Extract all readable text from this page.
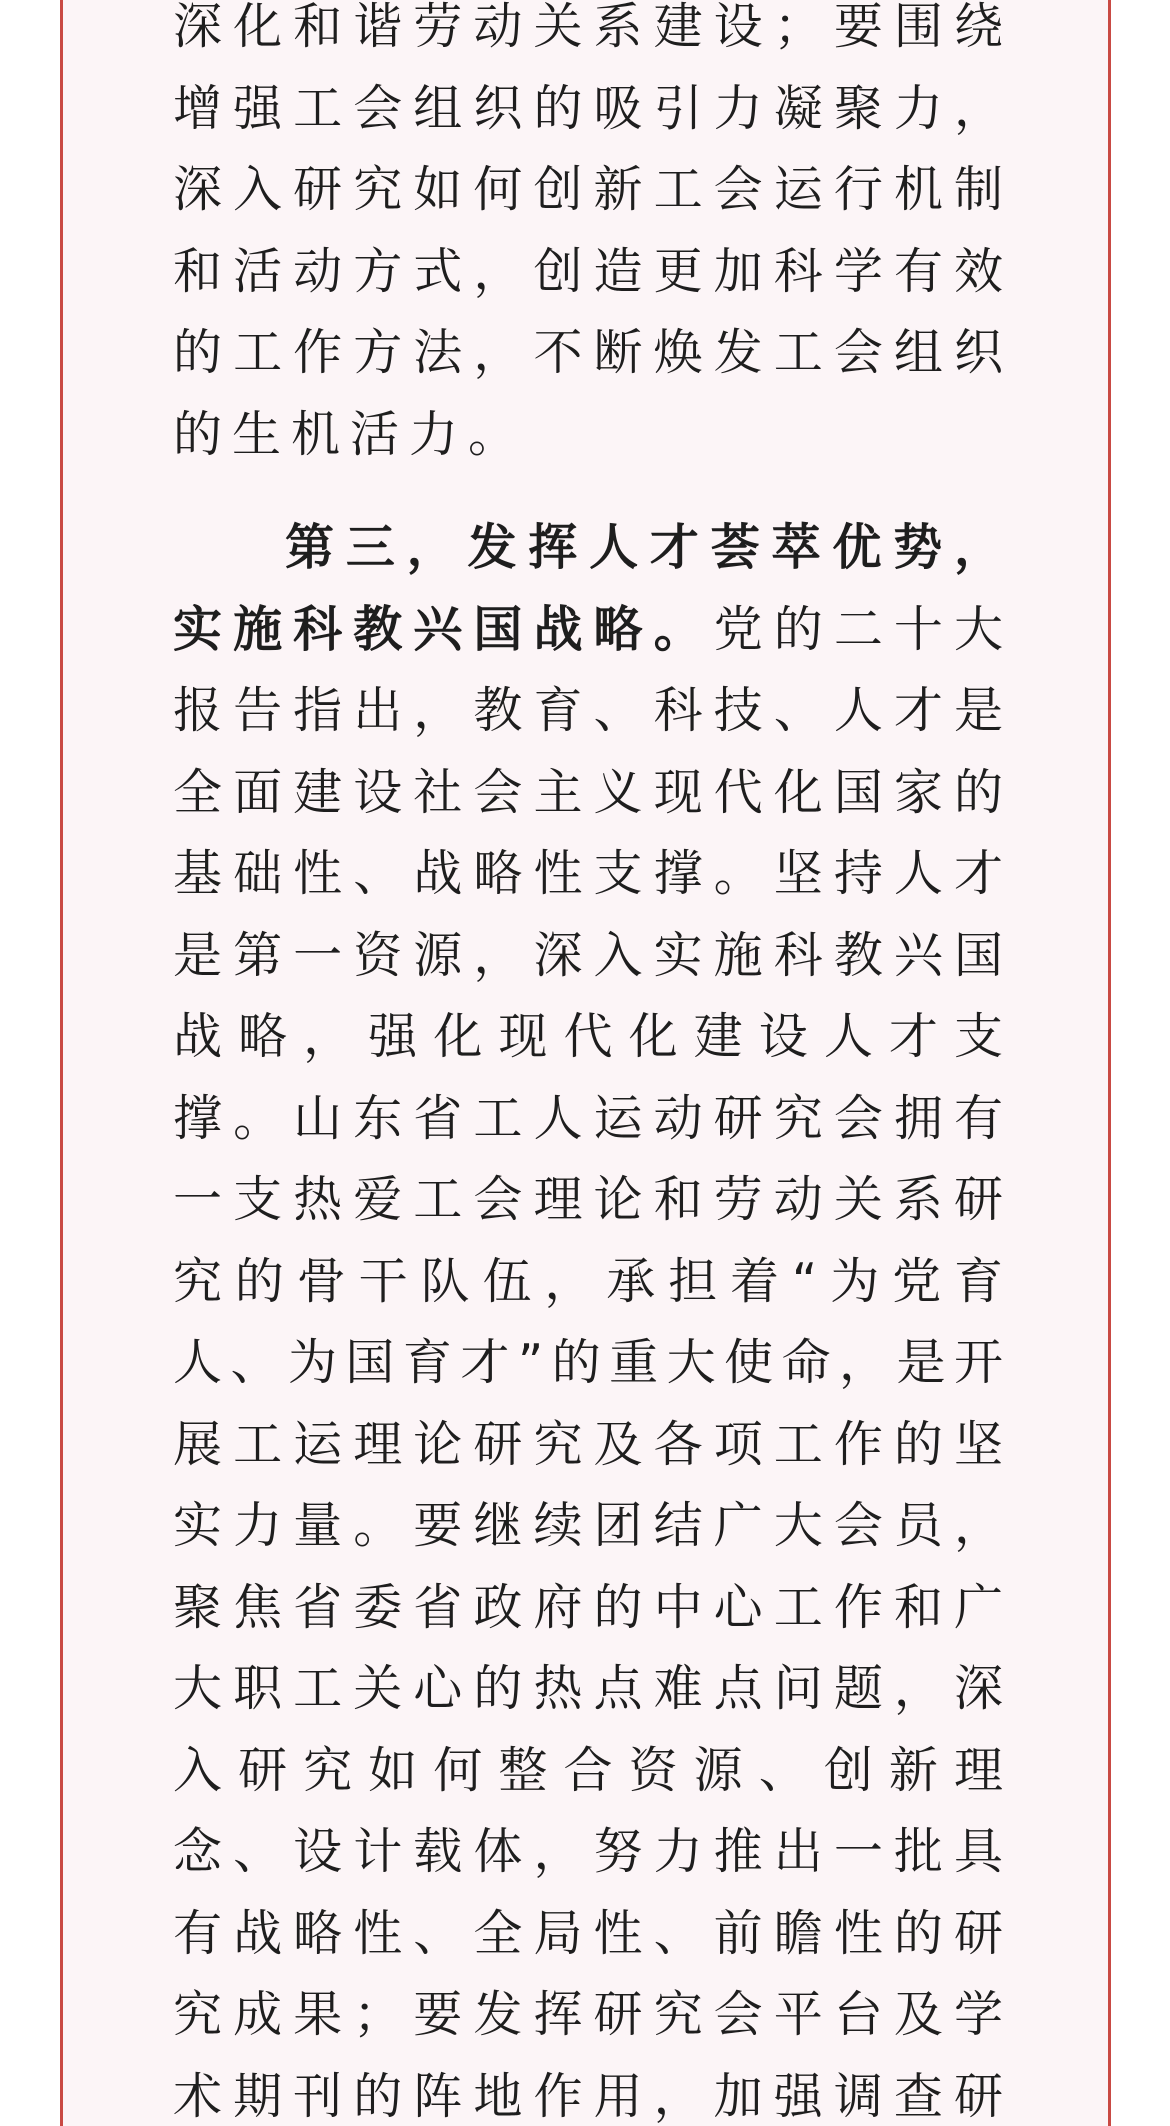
深化和谐劳动关系建设；要围绕
增强工会组织的吸引力凝聚力，
深入研究如何创新工会运行机制
和活动方式，创造更加科学有效
的工作方法，不断焕发工会组织
的生机活力。
第三，发挥人才荟萃优势，
实施科教兴国战略。党的二十大
报告指出，教育、科技、人才是
全面建设社会主义现代化国家的
基础性、战略性支撑。坚持人才
是第一资源，深入实施科教兴国
战略，强化现代化建设人才支
撑。山东省工人运动研究会拥有
一支热爱工会理论和劳动关系研
究的骨干队伍，承担着“为党育
人、为国育才”的重大使命，是开
展工运理论研究及各项工作的坚
实力量。要继续团结广大会员，
聚焦省委省政府的中心工作和广
大职工关心的热点难点问题，深
入研究如何整合资源、创新理
念、设计载体，努力推出一批具
有战略性、全局性、前瞻性的研
究成果；要发挥研究会平台及学
术期刊的阵地作用，加强调查研
